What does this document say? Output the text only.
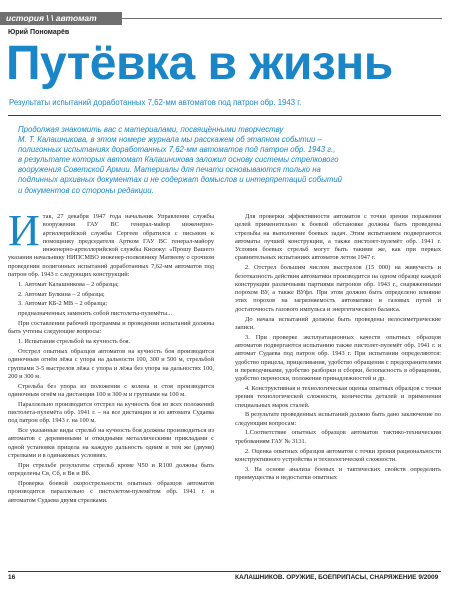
история \ \ автомат
Юрий Пономарёв
Путёвка в жизнь
Результаты испытаний доработанных 7,62-мм автоматов под патрон обр. 1943 г.
Продолжая знакомить вас с материалами, посвящёнными творчеству
М. Т. Калашникова, в этом номере журнала мы расскажем об этапном событии –
полигонных испытаниях доработанных 7,62-мм автоматов под патрон обр. 1943 г.,
в результате которых автомат Калашникова заложил основу системы стрелкового
вооружения Советской Армии. Материалы для печати основываются только на
подлинных архивных документах и не содержат домыслов и интерпретаций событий
и документов со стороны редакции.

Итак, 27 декабря 1947 года начальник Управления службы вооружения ГАУ ВС генерал-майор инженерно-артиллерийской службы Сергеев обратился с письмом к помощнику председателя Артком ГАУ ВС генерал-майору инженерно-артиллерийской службы Кисюку: «Прошу Вашего указания начальнику НИПСМВО инженер-полковнику Матвееву о срочном проведении полигонных испытаний доработанных 7,62-мм автоматов под патрон обр. 1943 г. следующих конструкций:

1. Автомат Калашникова – 2 образца;

2. Автомат Булкина – 2 образца;

3. Автомат КБ-2 МВ – 2 образца;

предназначенных заменить собой пистолеты-пулемёты...

При составлении рабочей программы и проведении испытаний должны быть учтены следующие вопросы:

1. Испытания стрельбой на кучность боя.

Отстрел опытных образцов автоматов на кучность боя производится одиночным огнём лёжа с упора на дальности 100, 300 и 500 м, стрельбой группами 3-5 выстрелов лёжа с упора и лёжа без упора на дальностях 100, 200 и 300 м.

Стрельба без упора из положения с колена и стоя производится одиночным огнём на дистанции 100 и 300 м и группами на 100 м.

Параллельно производится отстрел на кучность боя из всех положений пистолета-пулемёта обр. 1941 г. – на все дистанции и из автомата Судаева под патрон обр. 1943 г. на 100 м.

Все указанные виды стрельб на кучность боя должны производиться из автоматов с деревянными и откидными металлическими прикладами с одной установки прицела на каждую дальность одним и тем же (двумя) стрелками и в одинаковых условиях.

При стрельбе результаты стрельб кроме Ч50 и R100 должны быть определены Св, Сб, в Вв и Вб.

Проверка боевой скорострельности опытных образцов автоматов производится параллельно с пистолетом-пулемётом обр. 1941 г. и автоматом Судаева двумя стрелками.

Для проверки эффективности автоматов с точки зрения поражения целей применительно к боевой обстановке должны быть проведены стрельбы на выполнение боевых задач. Этим испытанием подвергаются автоматы лучшей конструкции, а также пистолет-пулемёт обр. 1941 г. Условия боевых стрельб могут быть такими же, как при первых сравнительных испытаниях автоматов летом 1947 г.

2. Отстрел большим числом выстрелов (15 000) на живучесть и безотказность действия автоматики производится на одном образце каждой конструкции различными партиями патронов обр. 1943 г., снаряженными порохом ВУ, а также ВУфл. При этом должно быть определено влияние этих порохов на загрязняемость автоматики и газовых путей и достаточность газового импульса и энергетического баланса.

До начала испытаний должны быть проведены велосиметрические записи.

3. При проверке эксплуатационных качеств опытных образцов автоматов подвергаются испытанию также пистолет-пулемёт обр. 1941 г. и автомат Судаева под патрон обр. 1943 г. При испытании определяются: удобство прицела, прицеливания, удобство обращения с предохранителями и переводчиками, удобство разборки и сборки, безопасность в обращении, удобство переноски, положение принадлежностей и др.

4. Конструктивная и технологическая оценка опытных образцов с точки зрения технологической сложности, количества деталей и применения специальных марок сталей.

В результате проведенных испытаний должно быть дано заключение по следующим вопросам:

1.Соответствие опытных образцов автоматов тактико-техническим требованиям ГАУ № 3131.

2. Оценка опытных образцов автоматов с точки зрения рациональности конструктивного устройства и технологической сложности.

3. На основе анализа боевых и тактических свойств определить преимущества и недостатки опытных

16	КАЛАШНИКОВ. ОРУЖИЕ, БОЕПРИПАСЫ, СНАРЯЖЕНИЕ 9/2009
